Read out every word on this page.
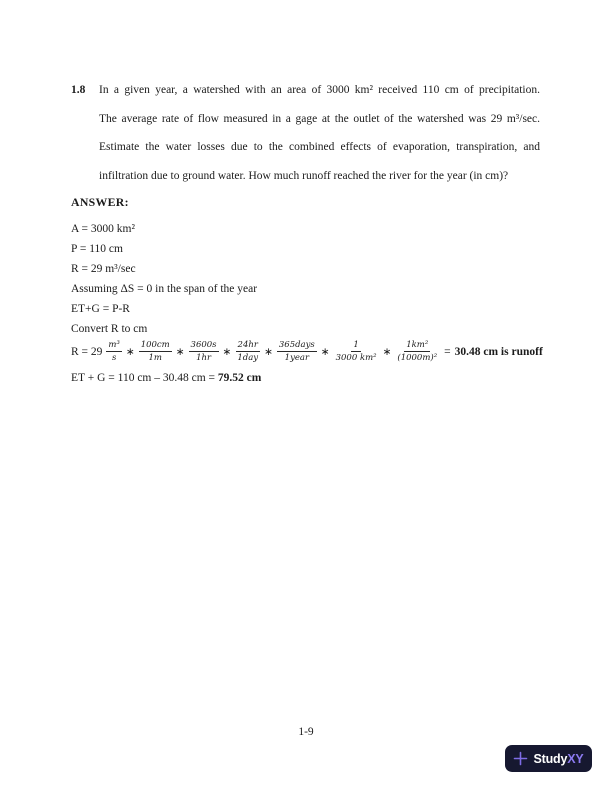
1.8	In a given year, a watershed with an area of 3000 km² received 110 cm of precipitation.
The average rate of flow measured in a gage at the outlet of the watershed was 29 m³/sec.
Estimate the water losses due to the combined effects of evaporation, transpiration, and
infiltration due to ground water. How much runoff reached the river for the year (in cm)?
ANSWER:
A = 3000 km²
P = 110 cm
R = 29 m³/sec
Assuming ΔS = 0 in the span of the year
ET+G = P-R
Convert R to cm
$R = 29 \frac{\text{m³}}{s}$ ∗ $\frac{100cm}{1m}$ ∗ $\frac{3600s}{1hr}$ ∗ $\frac{24hr}{\text{1day}}$ ∗ $\frac{\text{365days}}{\text{1year}}$ ∗ $\frac{1}{\text{3000 km²}}$ ∗ $\frac{\text{1km²}}{\text{(1000m)²}} = 30.48$ cm is runoff
ET + G = 110 cm – 30.48 cm = 79.52 cm
1-9
StudyXY
